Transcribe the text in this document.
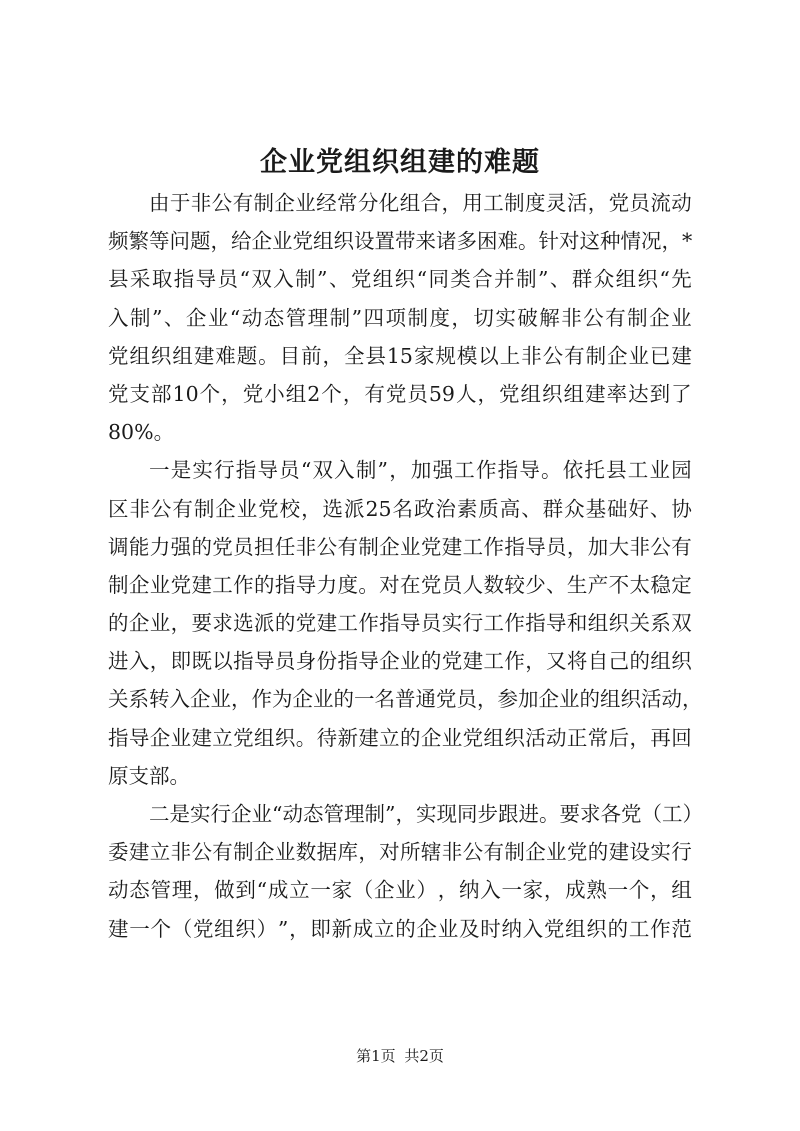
企业党组织组建的难题
由 于 非 公 有 制 企 业 经 常 分 化 组 合 ， 用 工 制 度 灵 活 ， 党 员 流 动
频 繁 等 问 题 ， 给 企 业 党 组 织 设 置 带 来 诸 多 困 难 。 针 对 这 种 情 况 ， *
县 采 取 指 导 员 “ 双 入 制 ” 、 党 组 织 “ 同 类 合 并 制 ” 、 群 众 组 织 “ 先
入 制 ” 、 企 业 “ 动 态 管 理 制 ” 四 项 制 度 ， 切 实 破 解 非 公 有 制 企 业
党 组 织 组 建 难 题 。 目 前 ， 全 县 15 家 规 模 以 上 非 公 有 制 企 业 已 建
党 支 部 10 个 ， 党 小 组 2 个 ， 有 党 员 59 人 ， 党 组 织 组 建 率 达 到 了
80%。
一 是 实 行 指 导 员 “ 双 入 制 ” ， 加 强 工 作 指 导 。 依 托 县 工 业 园
区 非 公 有 制 企 业 党 校 ， 选 派 25 名 政 治 素 质 高 、 群 众 基 础 好 、 协
调 能 力 强 的 党 员 担 任 非 公 有 制 企 业 党 建 工 作 指 导 员 ， 加 大 非 公 有
制 企 业 党 建 工 作 的 指 导 力 度 。 对 在 党 员 人 数 较 少 、 生 产 不 太 稳 定
的 企 业 ， 要 求 选 派 的 党 建 工 作 指 导 员 实 行 工 作 指 导 和 组 织 关 系 双
进 入 ， 即 既 以 指 导 员 身 份 指 导 企 业 的 党 建 工 作 ， 又 将 自 己 的 组 织
关 系 转 入 企 业 ， 作 为 企 业 的 一 名 普 通 党 员 ， 参 加 企 业 的 组 织 活 动 ，
指 导 企 业 建 立 党 组 织 。 待 新 建 立 的 企 业 党 组 织 活 动 正 常 后 ， 再 回
原支部。
二 是 实 行 企 业 “ 动 态 管 理 制 ” ， 实 现 同 步 跟 进 。 要 求 各 党 （ 工 ）
委 建 立 非 公 有 制 企 业 数 据 库 ， 对 所 辖 非 公 有 制 企 业 党 的 建 设 实 行
动 态 管 理 ， 做 到 “ 成 立 一 家 （ 企 业 ） ， 纳 入 一 家 ， 成 熟 一 个 ， 组
建 一 个 （ 党 组 织 ） ” ， 即 新 成 立 的 企 业 及 时 纳 入 党 组 织 的 工 作 范
第1页 共2页
